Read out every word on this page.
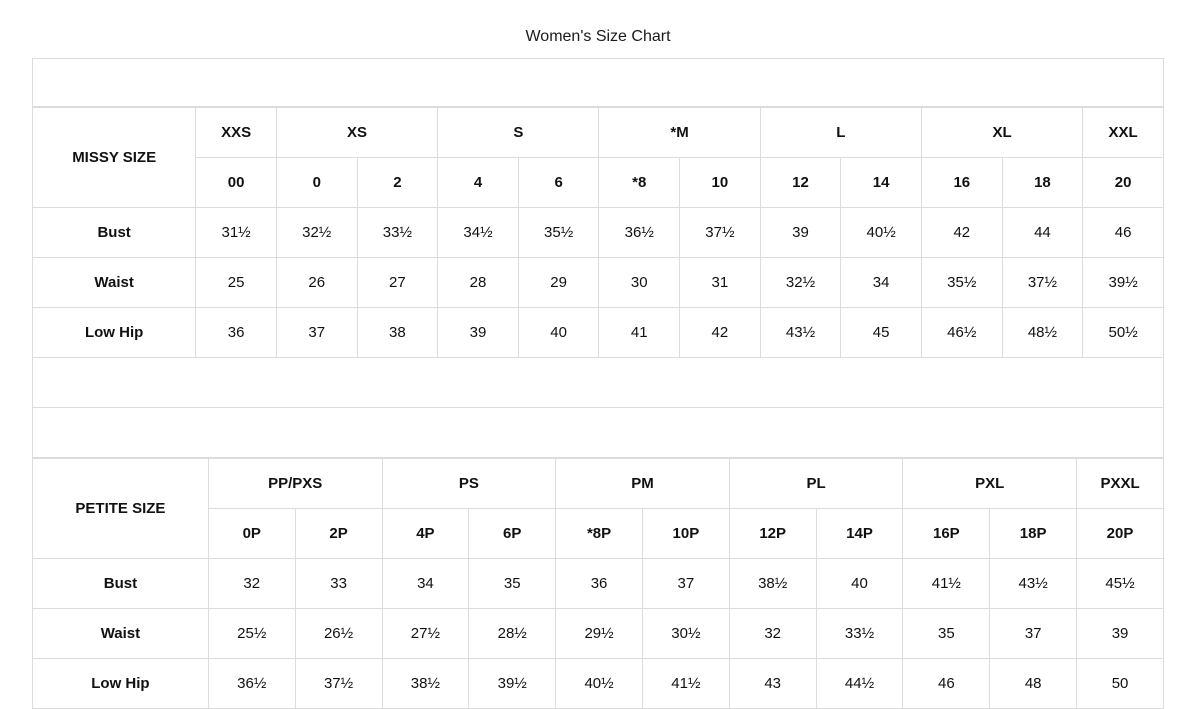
Women's Size Chart
MISSY SIZE	XXS	XS		S		*M		L		XL		XXL
	00	0	2	4	6	*8	10	12	14	16	18	20
Bust	31½	32½	33½	34½	35½	36½	37½	39	40½	42	44	46
Waist	25	26	27	28	29	30	31	32½	34	35½	37½	39½
Low Hip	36	37	38	39	40	41	42	43½	45	46½	48½	50½

PETITE SIZE	PP/PXS		PS		PM		PL		PXL		PXXL
	0P	2P	4P	6P	*8P	10P	12P	14P	16P	18P	20P
Bust	32	33	34	35	36	37	38½	40	41½	43½	45½
Waist	25½	26½	27½	28½	29½	30½	32	33½	35	37	39
Low Hip	36½	37½	38½	39½	40½	41½	43	44½	46	48	50
